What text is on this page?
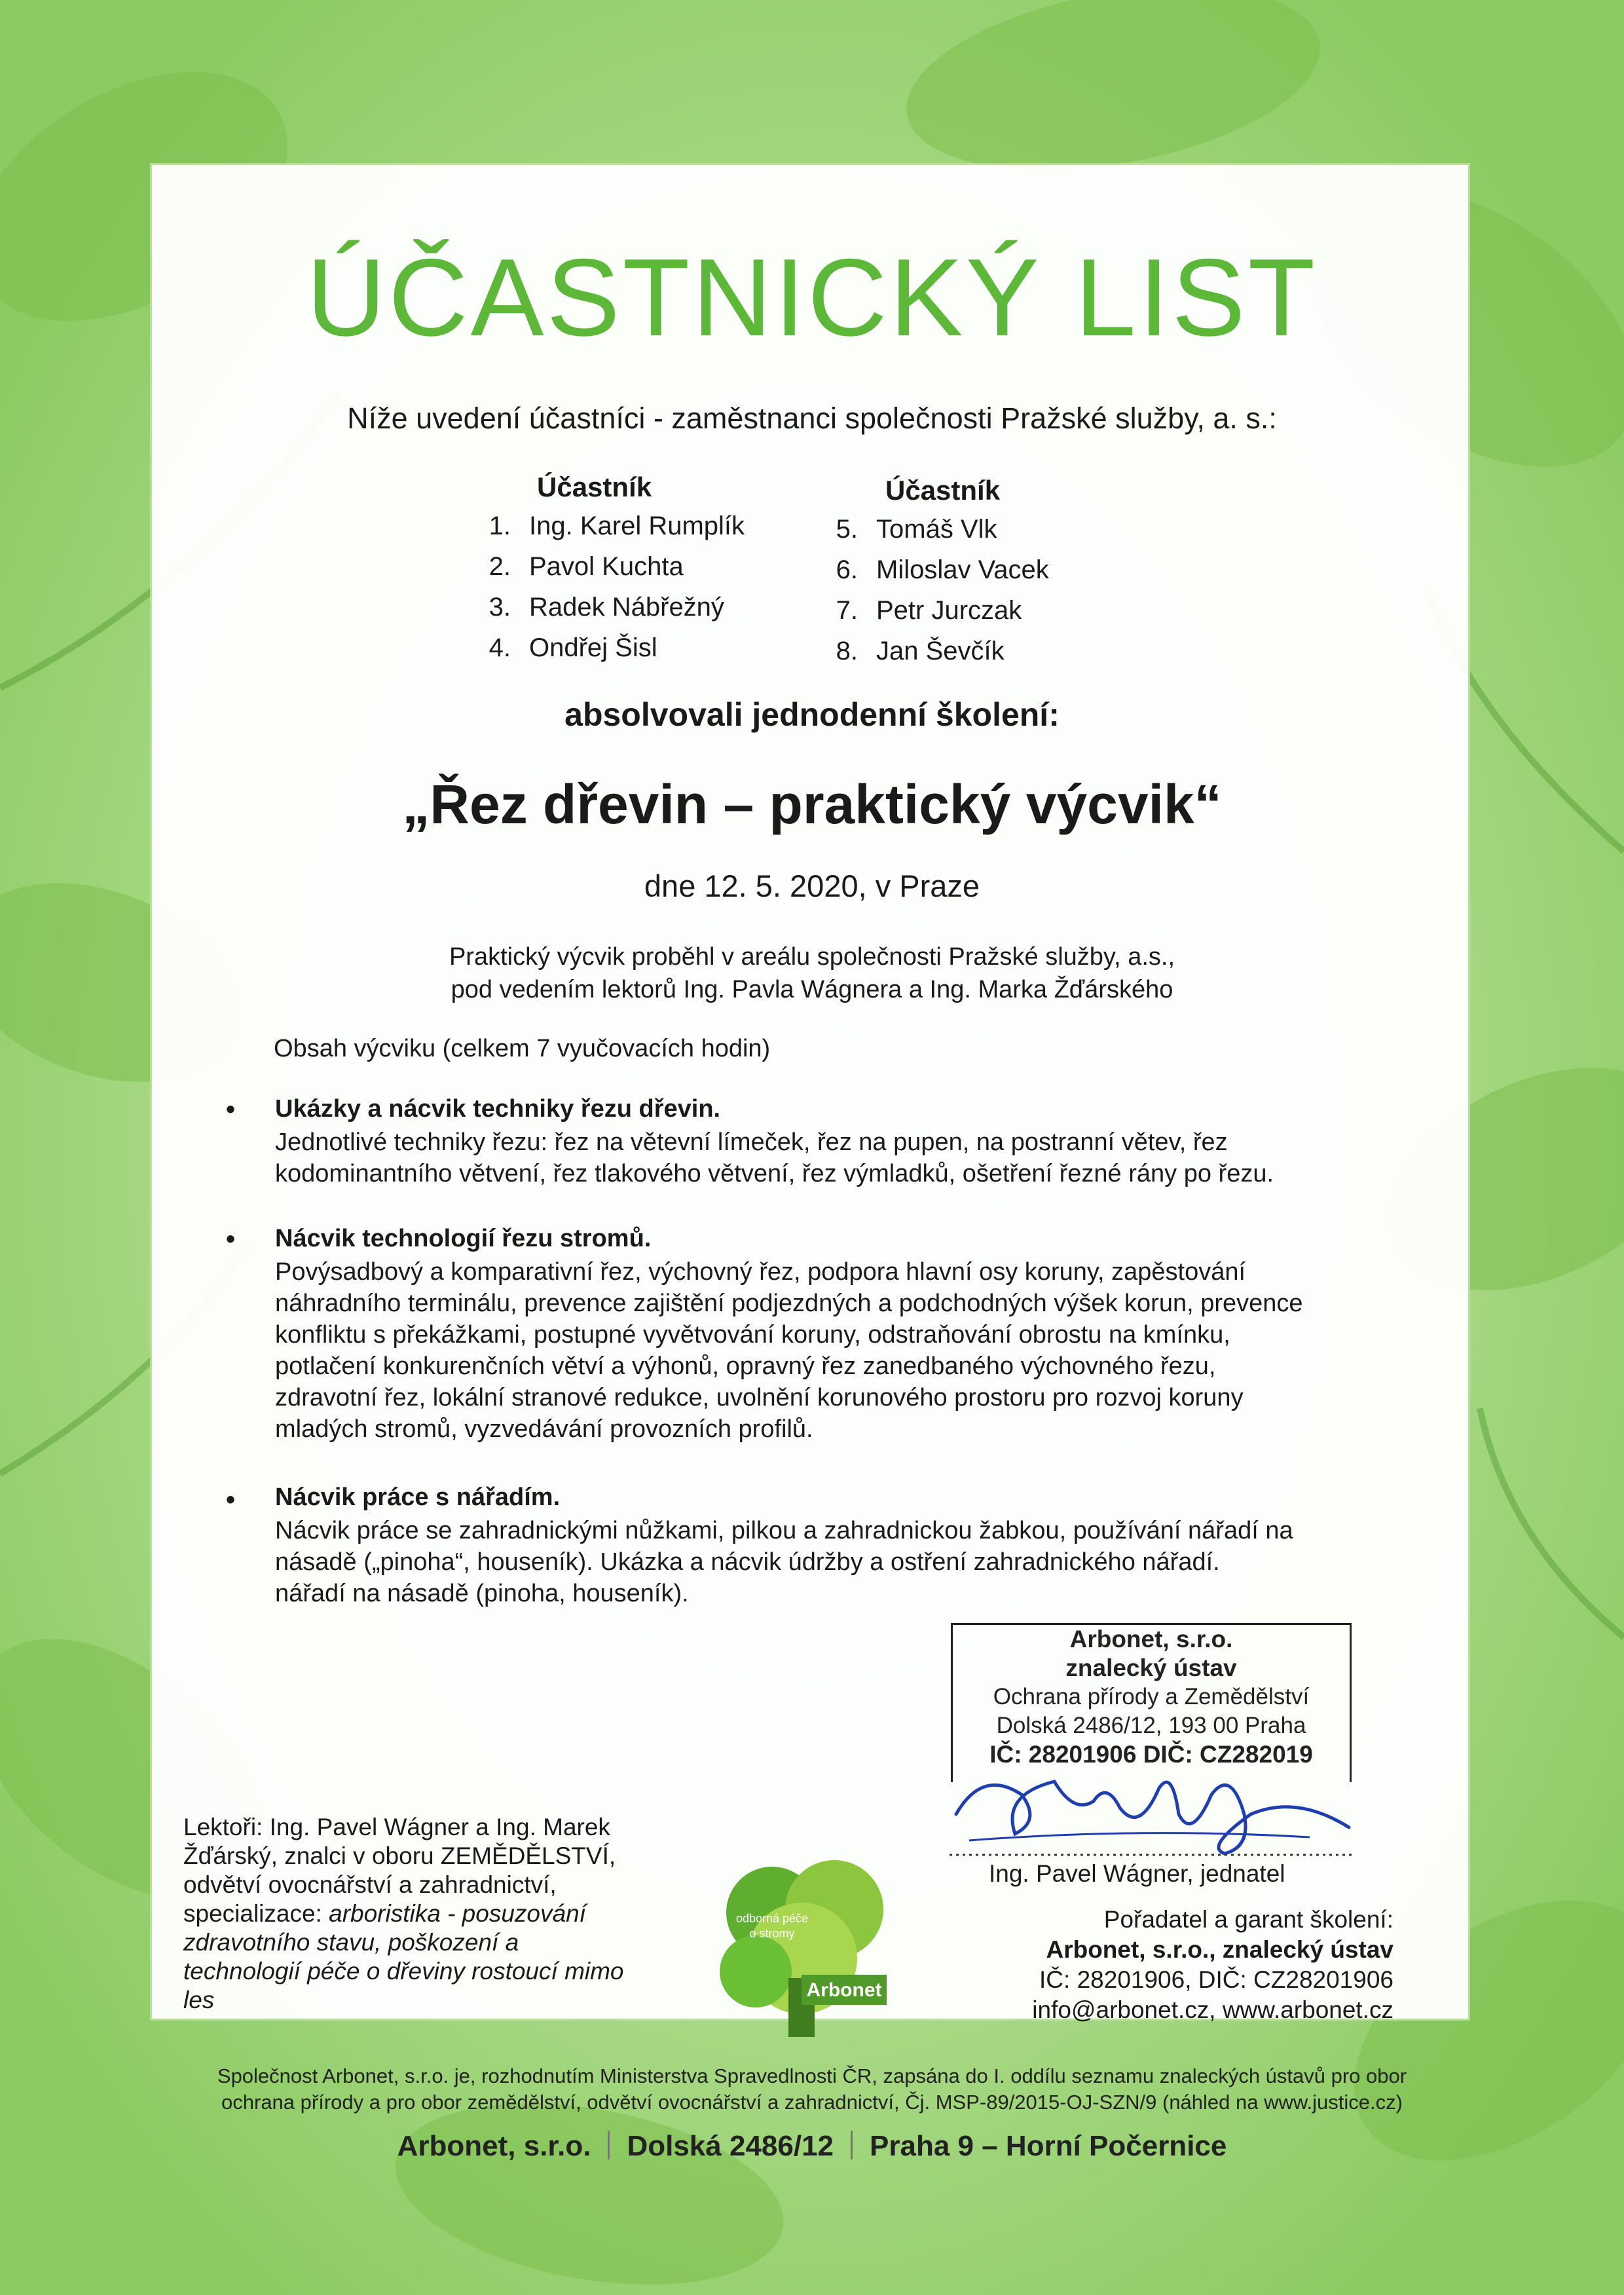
ÚČASTNICKÝ LIST
Níže uvedení účastníci - zaměstnanci společnosti Pražské služby, a. s.:
Účastník
1. Ing. Karel Rumplík
2. Pavol Kuchta
3. Radek Nábřežný
4. Ondřej Šisl
Účastník
5. Tomáš Vlk
6. Miloslav Vacek
7. Petr Jurczak
8. Jan Ševčík
absolvovali jednodenní školení:
„Řez dřevin – praktický výcvik“
dne 12. 5. 2020, v Praze
Praktický výcvik proběhl v areálu společnosti Pražské služby, a.s.,
pod vedením lektorů Ing. Pavla Wágnera a Ing. Marka Žďárského
Obsah výcviku (celkem 7 vyučovacích hodin)
• Ukázky a nácvik techniky řezu dřevin.
Jednotlivé techniky řezu: řez na větevní límeček, řez na pupen, na postranní větev, řez
kodominantního větvení, řez tlakového větvení, řez výmladků, ošetření řezné rány po řezu.
• Nácvik technologií řezu stromů.
Povýsadbový a komparativní řez, výchovný řez, podpora hlavní osy koruny, zapěstování
náhradního terminálu, prevence zajištění podjezdných a podchodných výšek korun, prevence
konfliktu s překážkami, postupné vyvětvování koruny, odstraňování obrostu na kmínku,
potlačení konkurenčních větví a výhonů, opravný řez zanedbaného výchovného řezu,
zdravotní řez, lokální stranové redukce, uvolnění korunového prostoru pro rozvoj koruny
mladých stromů, vyzvedávání provozních profilů.
• Nácvik práce s nářadím.
Nácvik práce se zahradnickými nůžkami, pilkou a zahradnickou žabkou, používání nářadí na
násadě („pinoha“, houseník). Ukázka a nácvik údržby a ostření zahradnického nářadí.
nářadí na násadě (pinoha, houseník).
Arbonet, s.r.o.
znalecký ústav
Ochrana přírody a Zemědělství
Dolská 2486/12, 193 00 Praha
IČ: 28201906 DIČ: CZ282019
Ing. Pavel Wágner, jednatel
Lektoři: Ing. Pavel Wágner a Ing. Marek
Žďárský, znalci v oboru ZEMĚDĚLSTVÍ,
odvětví ovocnářství a zahradnictví,
specializace: arboristika - posuzování
zdravotního stavu, poškození a
technologií péče o dřeviny rostoucí mimo
les
odborná péče
o stromy
Arbonet
Pořadatel a garant školení:
Arbonet, s.r.o., znalecký ústav
IČ: 28201906, DIČ: CZ28201906
info@arbonet.cz, www.arbonet.cz
Společnost Arbonet, s.r.o. je, rozhodnutím Ministerstva Spravedlnosti ČR, zapsána do I. oddílu seznamu znaleckých ústavů pro obor
ochrana přírody a pro obor zemědělství, odvětví ovocnářství a zahradnictví, Čj. MSP-89/2015-OJ-SZN/9 (náhled na www.justice.cz)
Arbonet, s.r.o. Dolská 2486/12 Praha 9 – Horní Počernice
